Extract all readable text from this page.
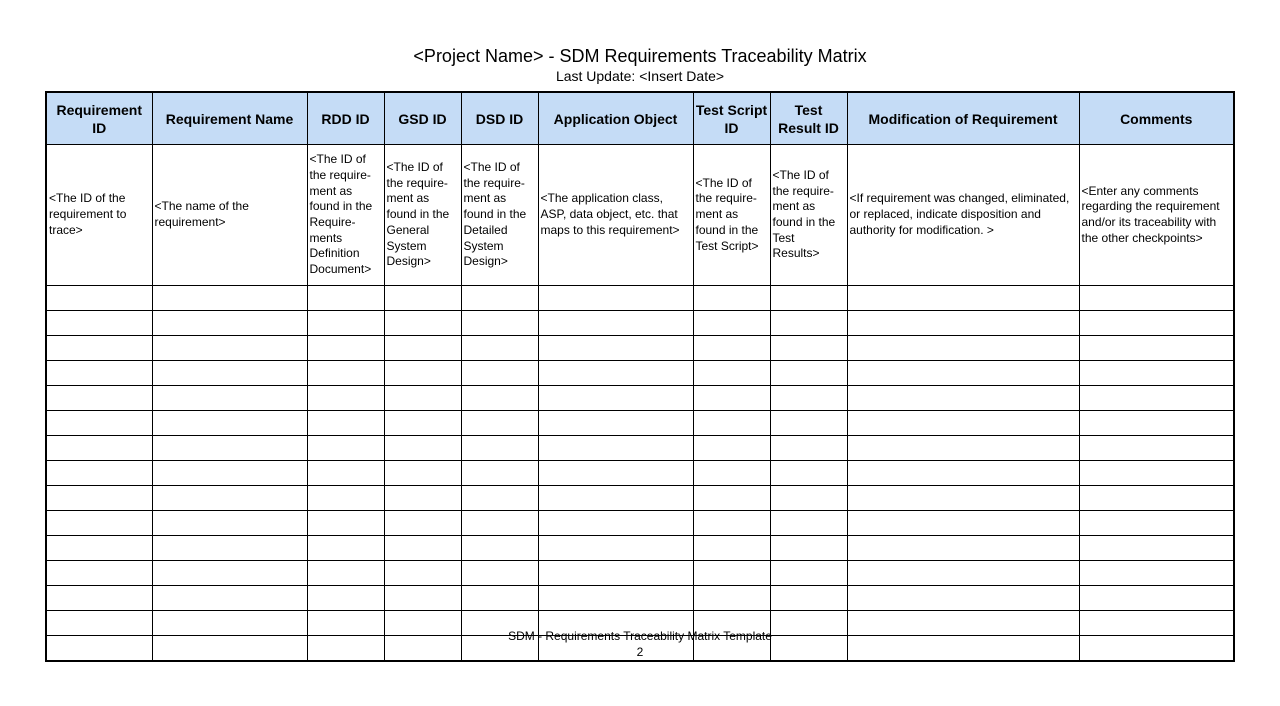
<Project Name> - SDM Requirements Traceability Matrix
Last Update: <Insert Date>
Requirement ID	Requirement Name	RDD ID	GSD ID	DSD ID	Application Object	Test Script ID	Test Result ID	Modification of Requirement	Comments
<The ID of the requirement to trace>	<The name of the requirement>	<The ID of the require-ment as found in the Require-ments Definition Document>	<The ID of the require-ment as found in the General System Design>	<The ID of the require-ment as found in the Detailed System Design>	<The application class, ASP, data object, etc. that maps to this requirement>	<The ID of the require-ment as found in the Test Script>	<The ID of the require-ment as found in the Test Results>	<If requirement was changed, eliminated, or replaced, indicate disposition and authority for modification. >	<Enter any comments regarding the requirement and/or its traceability with the other checkpoints>

SDM - Requirements Traceability Matrix Template
2
